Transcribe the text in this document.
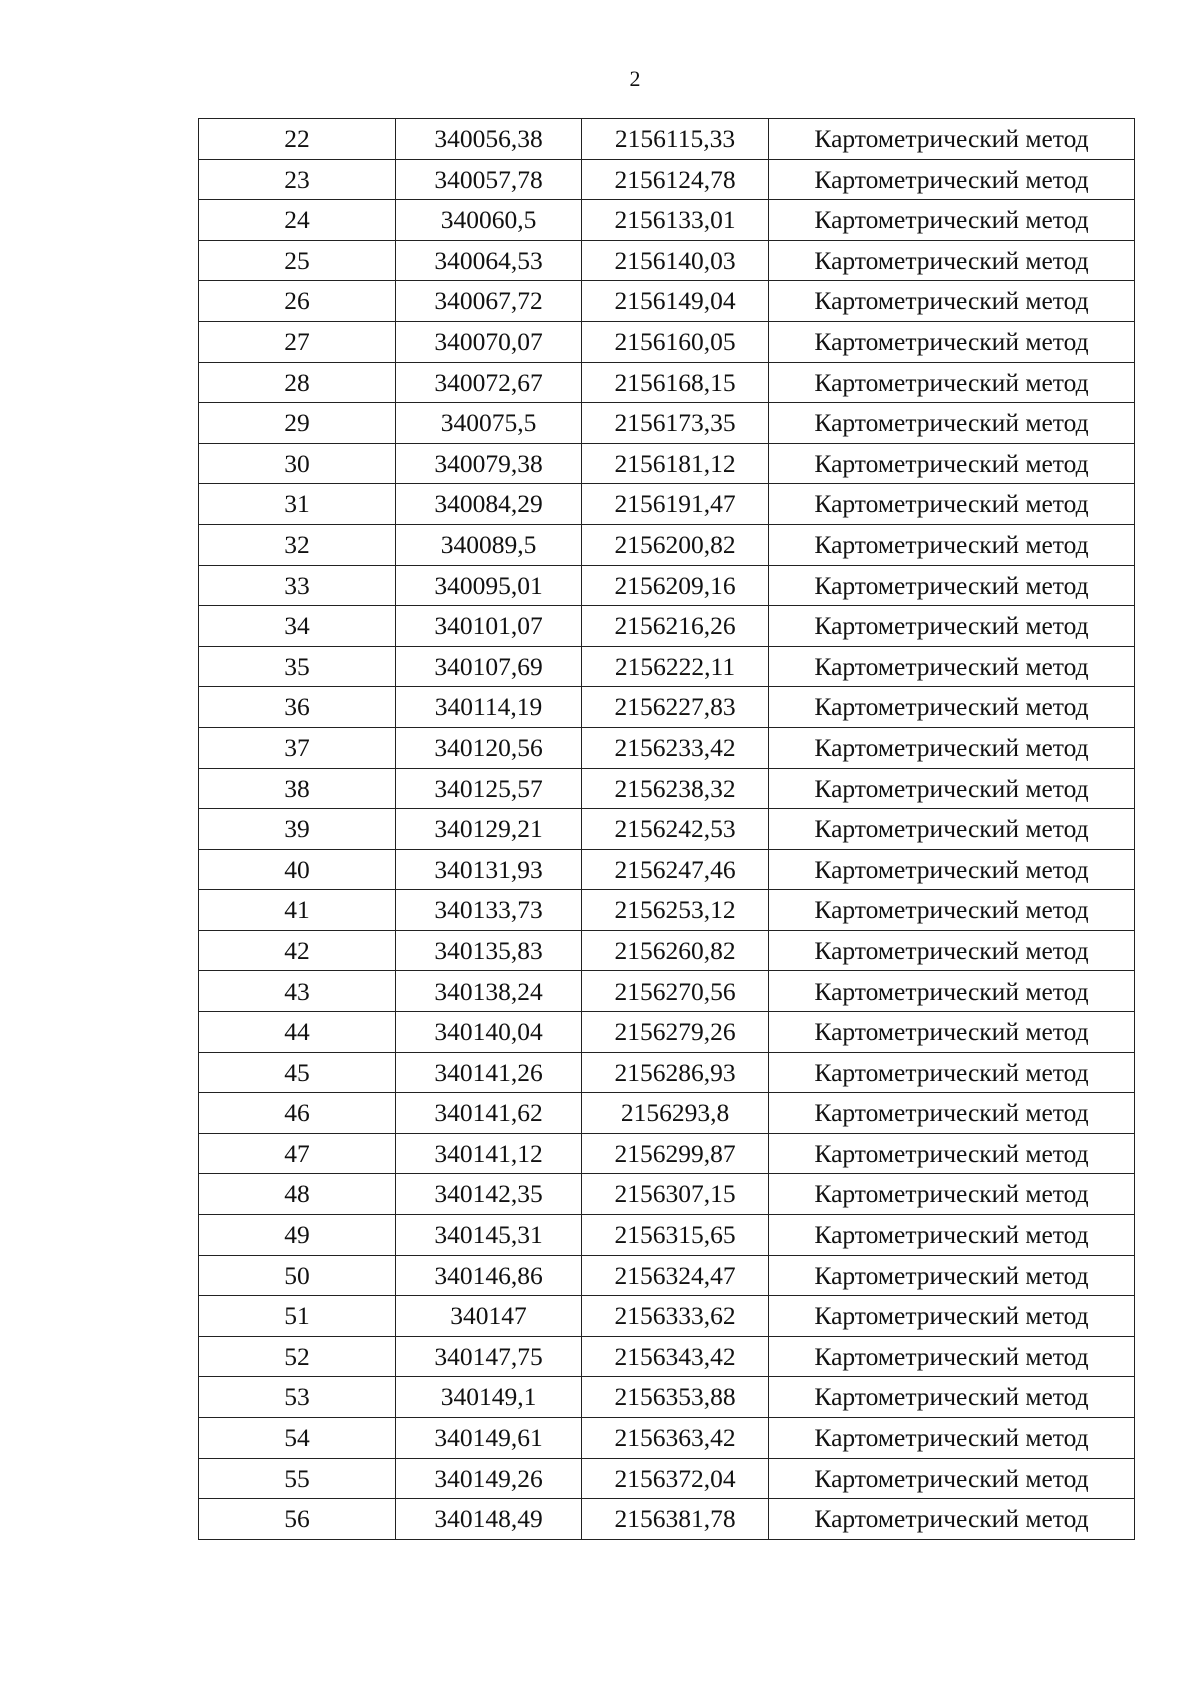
2
22	340056,38	2156115,33	Картометрический метод
23	340057,78	2156124,78	Картометрический метод
24	340060,5	2156133,01	Картометрический метод
25	340064,53	2156140,03	Картометрический метод
26	340067,72	2156149,04	Картометрический метод
27	340070,07	2156160,05	Картометрический метод
28	340072,67	2156168,15	Картометрический метод
29	340075,5	2156173,35	Картометрический метод
30	340079,38	2156181,12	Картометрический метод
31	340084,29	2156191,47	Картометрический метод
32	340089,5	2156200,82	Картометрический метод
33	340095,01	2156209,16	Картометрический метод
34	340101,07	2156216,26	Картометрический метод
35	340107,69	2156222,11	Картометрический метод
36	340114,19	2156227,83	Картометрический метод
37	340120,56	2156233,42	Картометрический метод
38	340125,57	2156238,32	Картометрический метод
39	340129,21	2156242,53	Картометрический метод
40	340131,93	2156247,46	Картометрический метод
41	340133,73	2156253,12	Картометрический метод
42	340135,83	2156260,82	Картометрический метод
43	340138,24	2156270,56	Картометрический метод
44	340140,04	2156279,26	Картометрический метод
45	340141,26	2156286,93	Картометрический метод
46	340141,62	2156293,8	Картометрический метод
47	340141,12	2156299,87	Картометрический метод
48	340142,35	2156307,15	Картометрический метод
49	340145,31	2156315,65	Картометрический метод
50	340146,86	2156324,47	Картометрический метод
51	340147	2156333,62	Картометрический метод
52	340147,75	2156343,42	Картометрический метод
53	340149,1	2156353,88	Картометрический метод
54	340149,61	2156363,42	Картометрический метод
55	340149,26	2156372,04	Картометрический метод
56	340148,49	2156381,78	Картометрический метод
